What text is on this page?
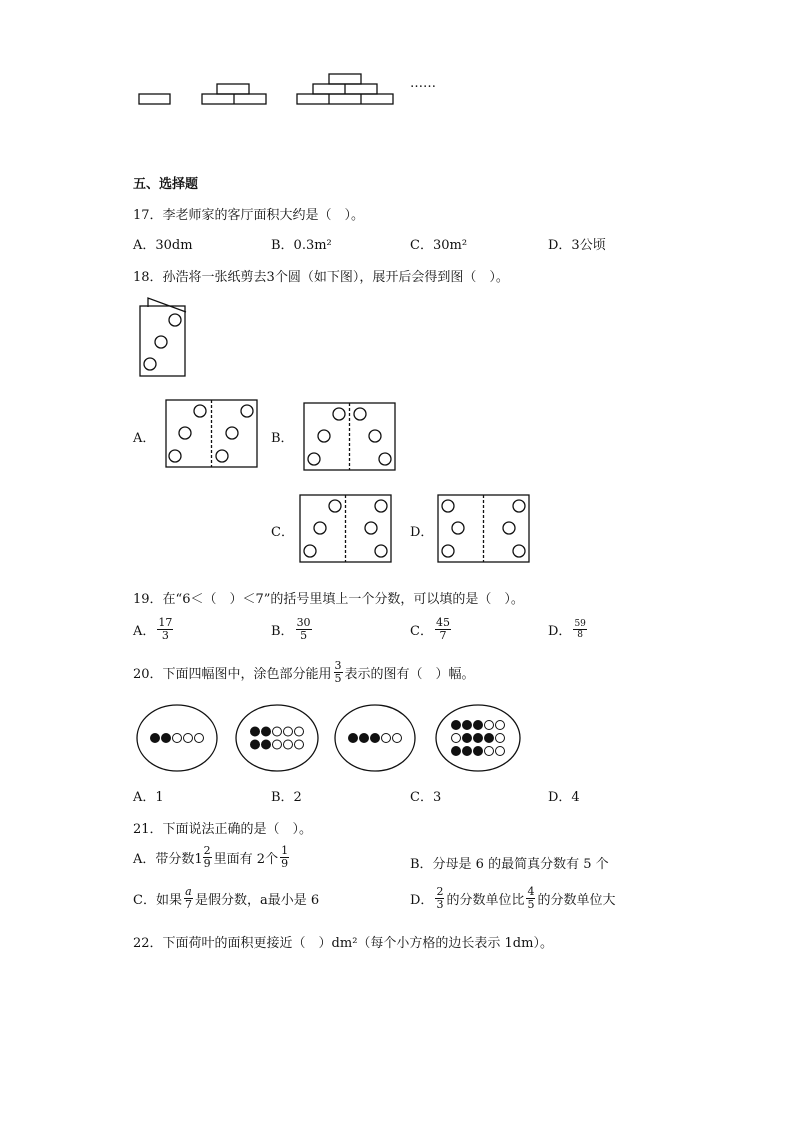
……
五、选择题
17．李老师家的客厅面积大约是（　）。
A．30dm	B．0.3m²	C．30m²	D．3公顷
18．孙浩将一张纸剪去3个圆（如下图），展开后会得到图（　）。
A．	B．
C．	D．
19．在“6＜（　）＜7”的括号里填上一个分数，可以填的是（　）。
A． $\frac{17}{3}$	B． $\frac{30}{5}$	C． $\frac{45}{7}$	D． $\frac{59}{8}$
20．下面四幅图中，涂色部分能用 $\frac{3}{5}$ 表示的图有（　）幅。
A．1	B．2	C．3	D．4
21．下面说法正确的是（　）。
A．带分数$1 \frac{2}{9}$ 里面有 2个 $\frac{1}{9}$	B．分母是 6 的最简真分数有 5 个
C．如果 $\frac{a}{7}$ 是假分数，a最小是 6	D． $\frac{2}{3}$ 的分数单位比 $\frac{4}{5}$ 的分数单位大
22．下面荷叶的面积更接近（　）dm²（每个小方格的边长表示 1dm）。
